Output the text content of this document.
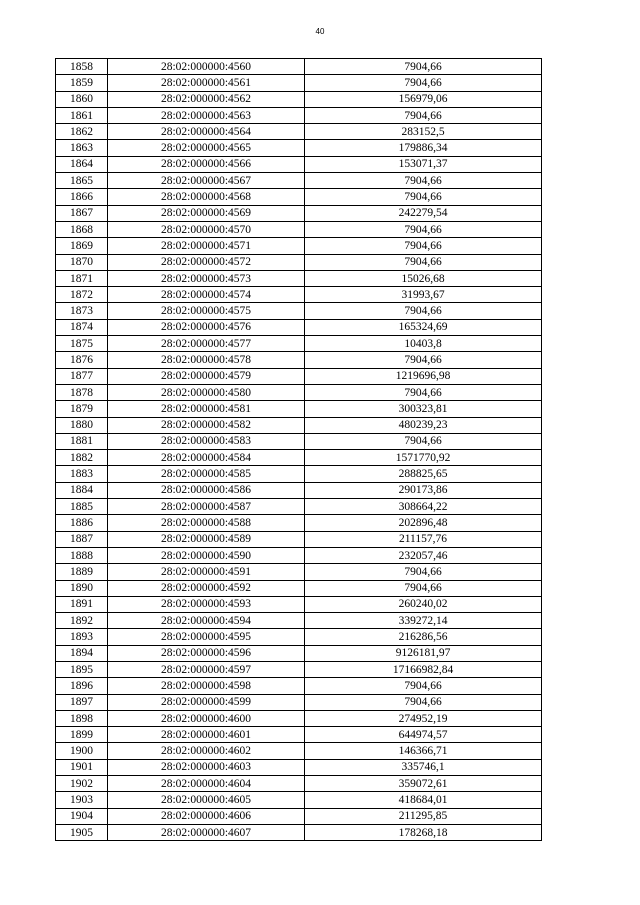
40
1858	28:02:000000:4560	7904,66
1859	28:02:000000:4561	7904,66
1860	28:02:000000:4562	156979,06
1861	28:02:000000:4563	7904,66
1862	28:02:000000:4564	283152,5
1863	28:02:000000:4565	179886,34
1864	28:02:000000:4566	153071,37
1865	28:02:000000:4567	7904,66
1866	28:02:000000:4568	7904,66
1867	28:02:000000:4569	242279,54
1868	28:02:000000:4570	7904,66
1869	28:02:000000:4571	7904,66
1870	28:02:000000:4572	7904,66
1871	28:02:000000:4573	15026,68
1872	28:02:000000:4574	31993,67
1873	28:02:000000:4575	7904,66
1874	28:02:000000:4576	165324,69
1875	28:02:000000:4577	10403,8
1876	28:02:000000:4578	7904,66
1877	28:02:000000:4579	1219696,98
1878	28:02:000000:4580	7904,66
1879	28:02:000000:4581	300323,81
1880	28:02:000000:4582	480239,23
1881	28:02:000000:4583	7904,66
1882	28:02:000000:4584	1571770,92
1883	28:02:000000:4585	288825,65
1884	28:02:000000:4586	290173,86
1885	28:02:000000:4587	308664,22
1886	28:02:000000:4588	202896,48
1887	28:02:000000:4589	211157,76
1888	28:02:000000:4590	232057,46
1889	28:02:000000:4591	7904,66
1890	28:02:000000:4592	7904,66
1891	28:02:000000:4593	260240,02
1892	28:02:000000:4594	339272,14
1893	28:02:000000:4595	216286,56
1894	28:02:000000:4596	9126181,97
1895	28:02:000000:4597	17166982,84
1896	28:02:000000:4598	7904,66
1897	28:02:000000:4599	7904,66
1898	28:02:000000:4600	274952,19
1899	28:02:000000:4601	644974,57
1900	28:02:000000:4602	146366,71
1901	28:02:000000:4603	335746,1
1902	28:02:000000:4604	359072,61
1903	28:02:000000:4605	418684,01
1904	28:02:000000:4606	211295,85
1905	28:02:000000:4607	178268,18
